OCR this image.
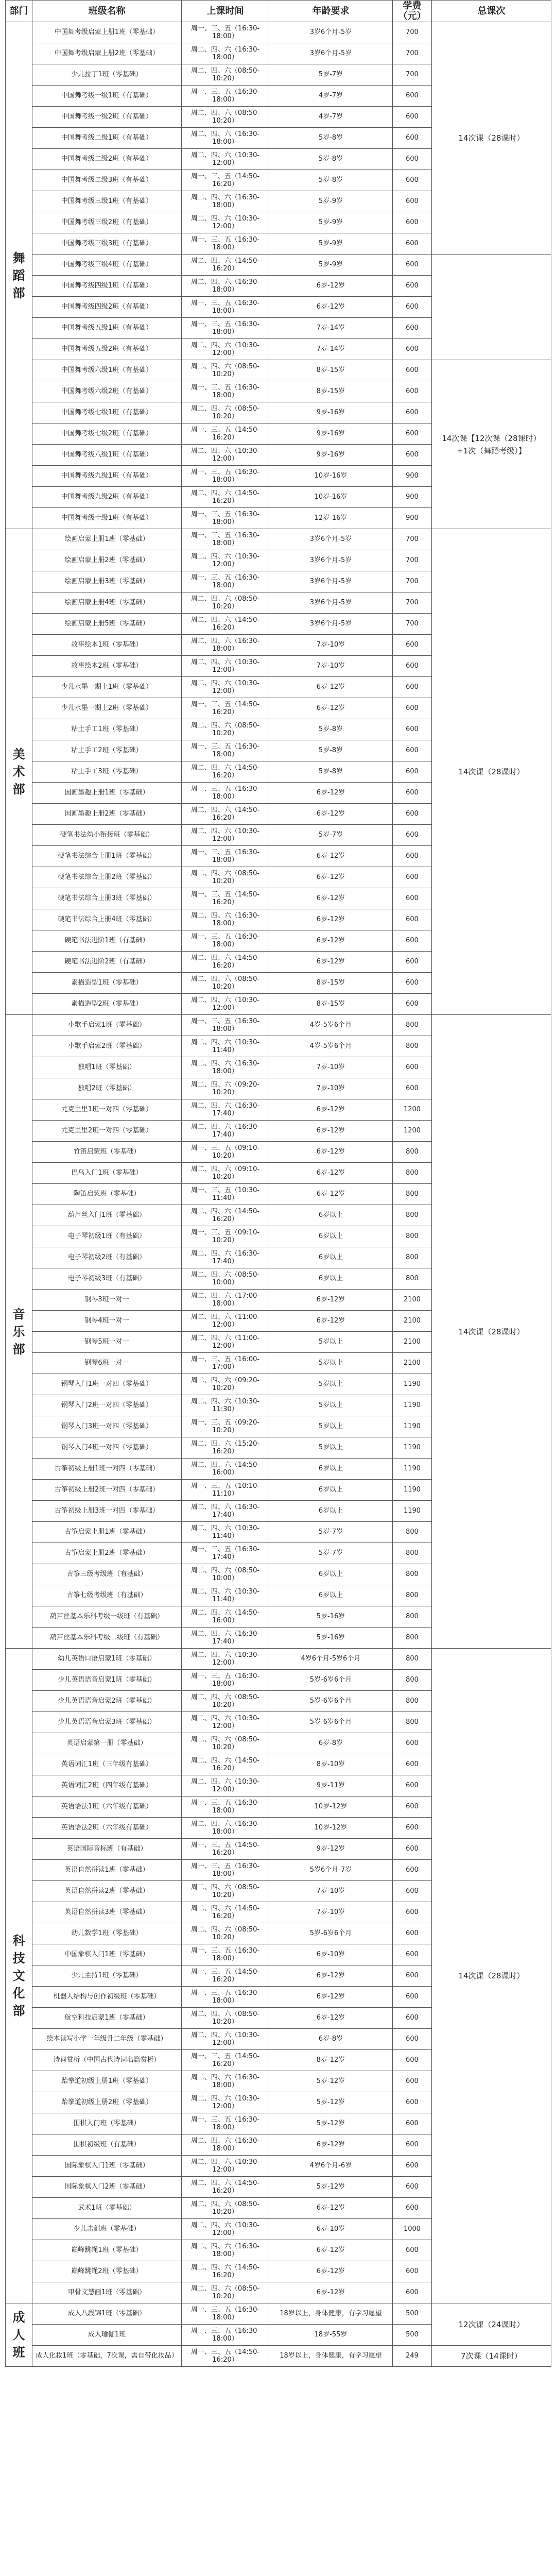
部门	班级名称	上课时间	年龄要求	学费（元）	总课次
舞蹈部	中国舞考级启蒙上册1班（零基础）	周一、三、五（16:30-18:00）	3岁6个月-5岁	700	14次课（28课时）
	中国舞考级启蒙上册2班（零基础）	周二、四、六（16:30-18:00）	3岁6个月-5岁	700	
	少儿拉丁1班（零基础）	周二、四、六（08:50-10:20）	5岁-7岁	700	
	中国舞考级一级1班（有基础）	周一、三、五（16:30-18:00）	4岁-7岁	600	
	中国舞考级一级2班（有基础）	周二、四、六（08:50-10:20）	4岁-7岁	600	
	中国舞考级二级1班（有基础）	周二、四、六（16:30-18:00）	5岁-8岁	600	
	中国舞考级二级2班（有基础）	周二、四、六（10:30-12:00）	5岁-8岁	600	
	中国舞考级二级3班（有基础）	周一、三、五（14:50-16:20）	5岁-8岁	600	
	中国舞考级三级1班（有基础）	周二、四、六（16:30-18:00）	5岁-9岁	600	
	中国舞考级三级2班（有基础）	周二、四、六（10:30-12:00）	5岁-9岁	600	
	中国舞考级三级3班（有基础）	周一、三、五（16:30-18:00）	5岁-9岁	600	
	中国舞考级三级4班（有基础）	周二、四、六（14:50-16:20）	5岁-9岁	600	
	中国舞考级四级1班（有基础）	周二、四、六（16:30-18:00）	6岁-12岁	600	
	中国舞考级四级2班（有基础）	周一、三、五（16:30-18:00）	6岁-12岁	600	
	中国舞考级五级1班（有基础）	周一、三、五（16:30-18:00）	7岁-14岁	600	
	中国舞考级五级2班（有基础）	周二、四、六（10:30-12:00）	7岁-14岁	600	
	中国舞考级六级1班（有基础）	周二、四、六（08:50-10:20）	8岁-15岁	600	14次课【12次课（28课时）+1次（舞蹈考级）】
	中国舞考级六级2班（有基础）	周一、三、五（16:30-18:00）	8岁-15岁	600	
	中国舞考级七级1班（有基础）	周二、四、六（08:50-10:20）	9岁-16岁	600	
	中国舞考级七级2班（有基础）	周一、三、五（14:50-16:20）	9岁-16岁	600	
	中国舞考级八级1班（有基础）	周二、四、六（10:30-12:00）	9岁-16岁	600	
	中国舞考级九级1班（有基础）	周一、三、五（16:30-18:00）	10岁-16岁	900	
	中国舞考级九级2班（有基础）	周二、四、六（14:50-16:20）	10岁-16岁	900	
	中国舞考级十级1班（有基础）	周一、三、五（16:30-18:00）	12岁-16岁	900	
美术部	绘画启蒙上册1班（零基础）	周一、三、五（16:30-18:00）	3岁6个月-5岁	700	14次课（28课时）
	绘画启蒙上册2班（零基础）	周二、四、六（10:30-12:00）	3岁6个月-5岁	700	
	绘画启蒙上册3班（零基础）	周一、三、五（16:30-18:00）	3岁6个月-5岁	700	
	绘画启蒙上册4班（零基础）	周二、四、六（08:50-10:20）	3岁6个月-5岁	700	
	绘画启蒙上册5班（零基础）	周二、四、六（14:50-16:20）	3岁6个月-5岁	700	
	故事绘本1班（零基础）	周二、四、六（16:30-18:00）	7岁-10岁	600	
	故事绘本2班（零基础）	周二、四、六（10:30-12:00）	7岁-10岁	600	
	少儿水墨一期上1班（零基础）	周二、四、六（10:30-12:00）	6岁-12岁	600	
	少儿水墨一期上2班（零基础）	周一、三、五（14:50-16:20）	6岁-12岁	600	
	粘土手工1班（零基础）	周二、四、六（08:50-10:20）	5岁-8岁	600	
	粘土手工2班（零基础）	周一、三、五（16:30-18:00）	5岁-8岁	600	
	粘土手工3班（零基础）	周二、四、六（14:50-16:20）	5岁-8岁	600	
	国画墨趣上册1班（零基础）	周一、三、五（16:30-18:00）	6岁-12岁	600	
	国画墨趣上册2班（零基础）	周二、四、六（14:50-16:20）	6岁-12岁	600	
	硬笔书法幼小衔接班（零基础）	周二、四、六（10:30-12:00）	5岁-7岁	600	
	硬笔书法综合上册1班（零基础）	周一、三、五（16:30-18:00）	6岁-12岁	600	
	硬笔书法综合上册2班（零基础）	周二、四、六（08:50-10:20）	6岁-12岁	600	
	硬笔书法综合上册3班（零基础）	周一、三、五（14:50-16:20）	6岁-12岁	600	
	硬笔书法综合上册4班（零基础）	周二、四、六（16:30-18:00）	6岁-12岁	600	
	硬笔书法进阶1班（有基础）	周一、三、五（16:30-18:00）	6岁-12岁	600	
	硬笔书法进阶2班（有基础）	周二、四、六（14:50-16:20）	6岁-12岁	600	
	素描造型1班（零基础）	周二、四、六（08:50-10:20）	8岁-15岁	600	
	素描造型2班（零基础）	周二、四、六（10:30-12:00）	8岁-15岁	600	
音乐部	小歌手启蒙1班（零基础）	周一、三、五（16:30-18:00）	4岁-5岁6个月	800	14次课（28课时）
	小歌手启蒙2班（零基础）	周二、四、六（10:30-11:40）	4岁-5岁6个月	800	
	独唱1班（零基础）	周二、四、六（16:30-18:00）	7岁-10岁	600	
	独唱2班（零基础）	周二、四、六（09:20-10:20）	7岁-10岁	600	
	尤克里里1班一对四（零基础）	周二、四、六（16:30-17:40）	6岁-12岁	1200	
	尤克里里2班一对四（零基础）	周二、四、六（16:30-17:40）	6岁-12岁	1200	
	竹笛启蒙班（零基础）	周一、三、五（09:10-10:20）	6岁-12岁	800	
	巴乌入门1班（零基础）	周二、四、六（09:10-10:20）	6岁-12岁	800	
	陶笛启蒙班（零基础）	周一、三、五（10:30-11:40）	6岁-12岁	800	
	葫芦丝入门1班（零基础）	周二、四、六（14:50-16:20）	6岁以上	800	
	电子琴初级1班（有基础）	周一、三、五（09:10-10:20）	6岁以上	800	
	电子琴初级2班（有基础）	周二、四、六（16:30-17:40）	6岁以上	800	
	电子琴初级3班（有基础）	周二、四、六（08:50-10:00）	6岁以上	800	
	钢琴3班一对一	周二、四、六（17:00-18:00）	6岁-12岁	2100	
	钢琴4班一对一	周二、四、六（11:00-12:00）	6岁-12岁	2100	
	钢琴5班一对一	周二、四、六（11:00-12:00）	5岁以上	2100	
	钢琴6班一对一	周一、三、五（16:00-17:00）	5岁以上	2100	
	钢琴入门1班一对四（零基础）	周二、四、六（09:20-10:20）	5岁以上	1190	
	钢琴入门2班一对四（零基础）	周二、四、六（10:30-11:30）	5岁以上	1190	
	钢琴入门3班一对四（零基础）	周一、三、五（09:20-10:20）	5岁以上	1190	
	钢琴入门4班一对四（零基础）	周二、四、六（15:20-16:20）	5岁以上	1190	
	古筝初级上册1班一对四（零基础）	周二、四、六（14:50-16:00）	6岁以上	1190	
	古筝初级上册2班一对四（零基础）	周一、三、五（10:10-11:10）	6岁以上	1190	
	古筝初级上册3班一对四（零基础）	周二、四、六（16:30-17:40）	6岁以上	1190	
	古筝启蒙上册1班（零基础）	周二、四、六（10:30-11:40）	5岁-7岁	800	
	古筝启蒙上册2班（零基础）	周一、三、五（16:30-17:40）	5岁-7岁	800	
	古筝三级考级班（有基础）	周二、四、六（08:50-10:00）	6岁以上	800	
	古筝七级考级班（有基础）	周二、四、六（10:30-11:40）	6岁以上	800	
	葫芦丝基本乐科考级一级班（有基础）	周二、四、六（14:50-16:00）	5岁-16岁	800	
	葫芦丝基本乐科考级二级班（有基础）	周二、四、六（16:30-17:40）	5岁-16岁	800	
科技文化部	幼儿英语口语启蒙1班（零基础）	周二、四、六（10:30-12:00）	4岁6个月-5岁6个月	800	14次课（28课时）
	少儿英语语音启蒙1班（零基础）	周一、三、五（16:30-18:00）	5岁-6岁6个月	800	
	少儿英语语音启蒙2班（零基础）	周二、四、六（08:50-10:20）	5岁-6岁6个月	800	
	少儿英语语音启蒙3班（零基础）	周二、四、六（10:30-12:00）	5岁-6岁6个月	800	
	英语启蒙第一册（零基础）	周二、四、六（08:50-10:20）	6岁-8岁	600	
	英语词汇1班（三年级有基础）	周二、四、六（14:50-16:20）	8岁-10岁	600	
	英语词汇2班（四年级有基础）	周二、四、六（10:30-12:00）	9岁-11岁	600	
	英语语法1班（六年级有基础）	周一、三、五（16:30-18:00）	10岁-12岁	600	
	英语语法2班（六年级有基础）	周二、四、六（16:30-18:00）	10岁-12岁	600	
	英语国际音标班（有基础）	周一、三、五（14:50-16:20）	9岁-12岁	600	
	英语自然拼读1班（零基础）	周一、三、五（16:30-18:00）	5岁6个月-7岁	600	
	英语自然拼读2班（零基础）	周二、四、六（08:50-10:20）	7岁-10岁	600	
	英语自然拼读3班（零基础）	周二、四、六（14:50-16:20）	7岁-10岁	600	
	幼儿数学1班（零基础）	周二、四、六（08:50-10:20）	5岁-6岁6个月	600	
	中国象棋入门1班（零基础）	周一、三、五（16:30-18:00）	6岁-10岁	600	
	少儿主持1班（零基础）	周一、三、五（14:50-16:20）	6岁-12岁	600	
	机器人结构与创作初级班（零基础）	周一、三、五（16:30-18:00）	6岁-12岁	600	
	航空科技启蒙1班（零基础）	周二、四、六（08:50-10:20）	6岁-12岁	600	
	绘本读写小学一年级升二年级（零基础）	周二、四、六（10:30-12:00）	6岁-8岁	600	
	诗词赏析（中国古代诗词名篇赏析）	周一、三、五（14:50-16:20）	8岁-12岁	600	
	跆拳道初级上册1班（零基础）	周二、四、六（16:30-18:00）	5岁-12岁	600	
	跆拳道初级上册2班（零基础）	周二、四、六（10:30-12:00）	5岁-12岁	600	
	围棋入门班（零基础）	周一、三、五（16:30-18:00）	5岁-12岁	600	
	围棋初级班（有基础）	周二、四、六（16:30-18:00）	6岁-12岁	600	
	国际象棋入门1班（零基础）	周二、四、六（10:30-12:00）	4岁6个月-6岁	600	
	国际象棋入门2班（零基础）	周二、四、六（14:50-16:20）	5岁-12岁	600	
	武术1班（零基础）	周二、四、六（08:50-10:20）	6岁-12岁	600	
	少儿击剑班（零基础）	周二、四、六（10:30-12:00）	6岁-10岁	1000	
	巅峰跳绳1班（零基础）	周二、四、六（16:30-18:00）	6岁-12岁	600	
	巅峰跳绳2班（零基础）	周二、四、六（14:50-16:20）	6岁-12岁	600	
	甲骨文慧画1班（零基础）	周二、四、六（08:50-10:20）	6岁-12岁	600	
成人班	成人八段锦1班（零基础）	周一、三、五（16:30-18:00）	18岁以上，身体健康，有学习愿望	500	12次课（24课时）
	成人瑜伽1班	周一、三、五（16:30-18:00）	18岁-55岁	500	
	成人化妆1班（零基础，7次课，需自带化妆品）	周一、三、五（14:50-16:20）	18岁以上，身体健康，有学习愿望	249	7次课（14课时）
